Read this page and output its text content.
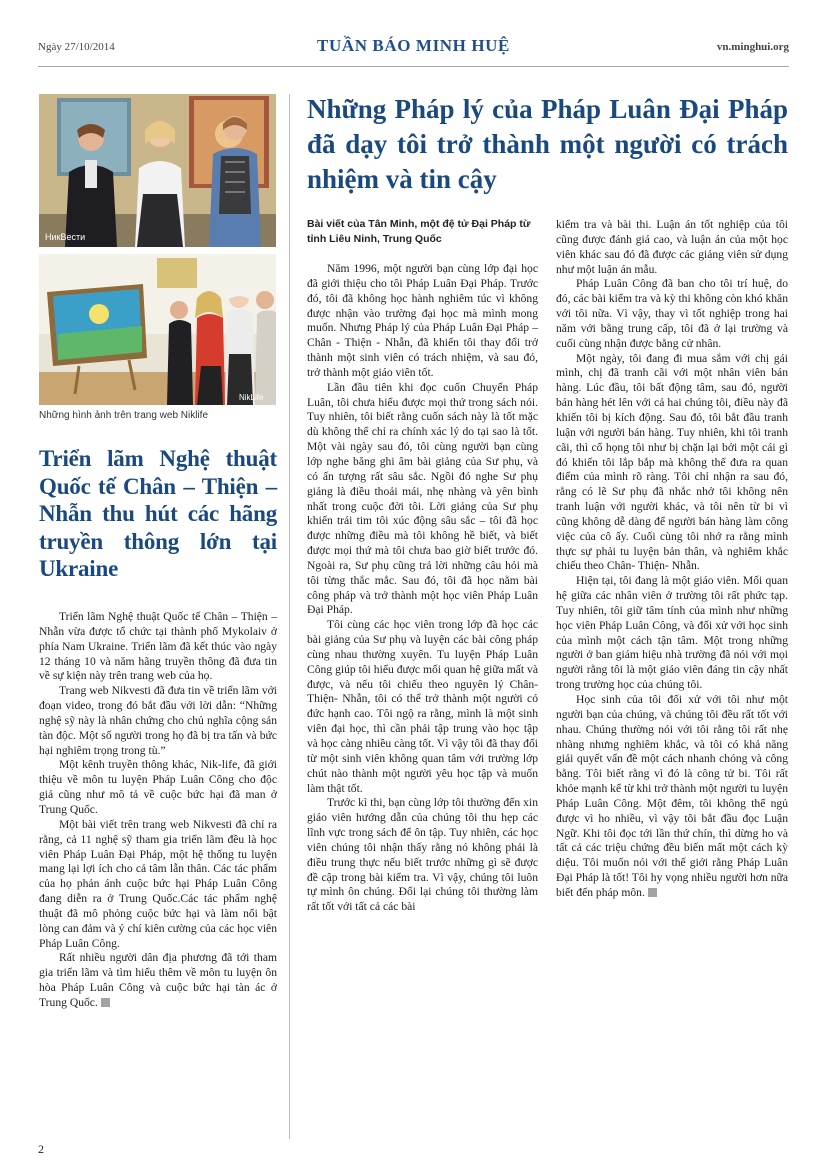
Ngày 27/10/2014	TUẦN BÁO MINH HUỆ	vn.minghui.org
НикВести
NikLife
Những hình ảnh trên trang web Niklife
Triển lãm Nghệ thuật Quốc tế Chân – Thiện – Nhẫn thu hút các hãng truyền thông lớn tại Ukraine

Triển lãm Nghệ thuật Quốc tế Chân – Thiện – Nhẫn vừa được tổ chức tại thành phố Mykolaiv ở phía Nam Ukraine. Triển lãm đã kết thúc vào ngày 12 tháng 10 và năm hãng truyền thông đã đưa tin về sự kiện này trên trang web của họ.

Trang web Nikvesti đã đưa tin về triển lãm với đoạn video, trong đó bắt đầu với lời dẫn: “Những nghệ sỹ này là nhân chứng cho chủ nghĩa cộng sản tàn độc. Một số người trong họ đã bị tra tấn và bức hại nghiêm trọng trong tù.”

Một kênh truyền thông khác, Nik-life, đã giới thiệu về môn tu luyện Pháp Luân Công cho độc giả cũng như mô tả về cuộc bức hại đã man ở Trung Quốc.

Một bài viết trên trang web Nikvesti đã chỉ ra rằng, cả 11 nghệ sỹ tham gia triển lãm đều là học viên Pháp Luân Đại Pháp, một hệ thống tu luyện mang lại lợi ích cho cả tâm lẫn thân. Các tác phẩm của họ phản ánh cuộc bức hại Pháp Luân Công đang diễn ra ở Trung Quốc.Các tác phẩm nghệ thuật đã mô phỏng cuộc bức hại và làm nổi bật lòng can đảm và ý chí kiên cường của các học viên Pháp Luân Công.

Rất nhiều người dân địa phương đã tới tham gia triển lãm và tìm hiểu thêm về môn tu luyện ôn hòa Pháp Luân Công và cuộc bức hại tàn ác ở Trung Quốc.

Những Pháp lý của Pháp Luân Đại Pháp đã dạy tôi trở thành một người có trách nhiệm và tin cậy
Bài viết của Tân Minh, một đệ tử Đại Pháp từ tỉnh Liêu Ninh, Trung Quốc

Năm 1996, một người bạn cùng lớp đại học đã giới thiệu cho tôi Pháp Luân Đại Pháp. Trước đó, tôi đã không học hành nghiêm túc vì không được nhận vào trường đại học mà mình mong muốn. Nhưng Pháp lý của Pháp Luân Đại Pháp – Chân - Thiện - Nhẫn, đã khiến tôi thay đổi trở thành một sinh viên có trách nhiệm, và sau đó, trở thành một giáo viên tốt.

Lần đầu tiên khi đọc cuốn Chuyển Pháp Luân, tôi chưa hiểu được mọi thứ trong sách nói. Tuy nhiên, tôi biết rằng cuốn sách này là tốt mặc dù không thể chỉ ra chính xác lý do tại sao là tốt. Một vài ngày sau đó, tôi cùng người bạn cùng lớp nghe băng ghi âm bài giảng của Sư phụ, và có ấn tượng rất sâu sắc. Ngồi đó nghe Sư phụ giảng là điều thoải mái, nhẹ nhàng và yên bình nhất trong cuộc đời tôi. Lời giảng của Sư phụ khiến trái tim tôi xúc động sâu sắc – tôi đã học được những điều mà tôi không hề biết, và biết được mọi thứ mà tôi chưa bao giờ biết trước đó. Ngoài ra, Sư phụ cũng trả lời những câu hỏi mà tôi từng thắc mắc. Sau đó, tôi đã học nằm bài công pháp và trở thành một học viên Pháp Luân Đại Pháp.

Tôi cùng các học viên trong lớp đã học các bài giảng của Sư phụ và luyện các bài công pháp cùng nhau thường xuyên. Tu luyện Pháp Luân Công giúp tôi hiểu được mối quan hệ giữa mất và được, và nếu tôi chiếu theo nguyên lý Chân- Thiện- Nhẫn, tôi có thể trở thành một người có đức hạnh cao. Tôi ngộ ra rằng, mình là một sinh viên đại học, thì cần phải tập trung vào học tập và học càng nhiều càng tốt. Vì vậy tôi đã thay đổi từ một sinh viên không quan tâm với trường lớp chút nào thành một người yêu học tập và muốn làm thật tốt.

Trước kì thi, bạn cùng lớp tôi thường đến xin giáo viên hướng dẫn của chúng tôi thu hẹp các lĩnh vực trong sách để ôn tập. Tuy nhiên, các học viên chúng tôi nhận thấy rằng nó không phải là điều trung thực nếu biết trước những gì sẽ được đề cập trong bài kiểm tra. Vì vậy, chúng tôi luôn tự mình ôn chúng. Đổi lại chúng tôi thường làm rất tốt với tất cả các bài

kiểm tra và bài thi. Luận án tốt nghiệp của tôi cũng được đánh giá cao, và luận án của một học viên khác sau đó đã được các giảng viên sử dụng như một luận án mẫu.

Pháp Luân Công đã ban cho tôi trí huệ, do đó, các bài kiểm tra và kỳ thi không còn khó khăn với tôi nữa. Vì vậy, thay vì tốt nghiệp trong hai năm với bằng trung cấp, tôi đã ở lại trường và cuối cùng nhận được bằng cử nhân.

Một ngày, tôi đang đi mua sắm với chị gái mình, chị đã tranh cãi với một nhân viên bán hàng. Lúc đầu, tôi bất động tâm, sau đó, người bán hàng hét lên với cả hai chúng tôi, điều này đã khiến tôi bị kích động. Sau đó, tôi bắt đầu tranh luận với người bán hàng. Tuy nhiên, khi tôi tranh cãi, thì cổ họng tôi như bị chặn lại bởi một cái gì đó khiến tôi lắp bắp mà không thể đưa ra quan điểm của mình rõ ràng. Tôi chỉ nhận ra sau đó, rằng có lẽ Sư phụ đã nhắc nhở tôi không nên tranh luận với người khác, và tôi nên từ bi vì cũng không dễ dàng để người bán hàng làm công việc của cô ấy. Cuối cùng tôi nhớ ra rằng mình thực sự phải tu luyện bản thân, và nghiêm khắc chiếu theo Chân- Thiện- Nhẫn.

Hiện tại, tôi đang là một giáo viên. Mối quan hệ giữa các nhân viên ở trường tôi rất phức tạp. Tuy nhiên, tôi giữ tâm tính của mình như những học viên Pháp Luân Công, và đối xử với học sinh của mình một cách tận tâm. Một trong những người ở ban giám hiệu nhà trường đã nói với mọi người rằng tôi là một giáo viên đáng tin cậy nhất trong trường học của chúng tôi.

Học sinh của tôi đối xử với tôi như một người bạn của chúng, và chúng tôi đều rất tốt với nhau. Chúng thường nói với tôi rằng tôi rất nhẹ nhàng nhưng nghiêm khắc, và tôi có khả năng giải quyết vấn đề một cách nhanh chóng và công bằng. Tôi biết rằng vì đó là công tử bi. Tôi rất khỏe mạnh kể từ khi trở thành một người tu luyện Pháp Luân Công. Một đêm, tôi không thể ngủ được vì ho nhiều, vì vậy tôi bắt đầu đọc Luận Ngữ. Khi tôi đọc tới lần thứ chín, thì dừng ho và tất cả các triệu chứng đều biến mất một cách kỳ diệu. Tôi muốn nói với thế giới rằng Pháp Luân Đại Pháp là tốt! Tôi hy vọng nhiều người hơn nữa biết đến pháp môn.

2
